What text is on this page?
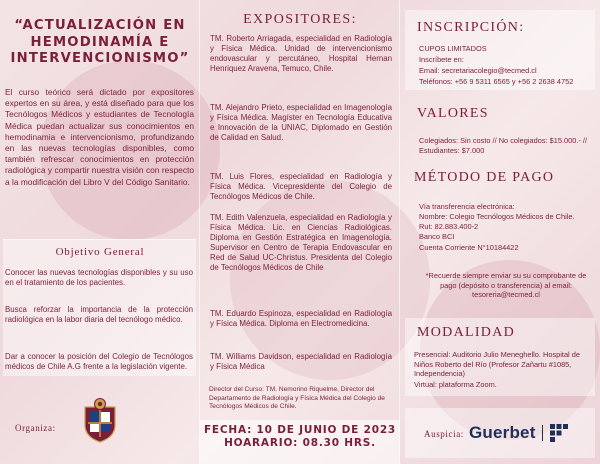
“ACTUALIZACIÓN EN HEMODINAMÍA E INTERVENCIONISMO”
El curso teórico será dictado por expositores expertos en su área, y está diseñado para que los Tecnólogos Médicos y estudiantes de Tecnología Médica puedan actualizar sus conocimientos en hemodinamia e intervencionismo, profundizando en las nuevas tecnologías disponibles, como también refrescar conocimientos en protección radiológica y compartir nuestra visión con respecto a la modificación del Libro V del Código Sanitario.
Objetivo General
Conocer las nuevas tecnologías disponibles y su uso en el tratamiento de los pacientes.
Busca reforzar la importancia de la protección radiológica en la labor diaria del tecnólogo médico.
Dar a conocer la posición del Colegio de Tecnólogos médicos de Chile A.G frente a la legislación vigente.
Organiza:
EXPOSITORES:
TM. Roberto Arriagada, especialidad en Radiología y Física Médica. Unidad de intervencionismo endovascular y percutáneo, Hospital Hernan Henriquez Aravena, Temuco, Chile.
TM. Alejandro Prieto, especialidad en Imagenología y Física Médica. Magíster en Tecnología Educativa e Innovación de la UNIAC, Diplomado en Gestión de Calidad en Salud.
TM. Luis Flores, especialidad en Radiología y Física Médica. Vicepresidente del Colegio de Tecnólogos Médicos de Chile.
TM. Edith Valenzuela, especialidad en Radiología y Física Médica. Lic. en Ciencias Radiológicas. Diploma en Gestión Estratégica en Imagenología. Supervisor en Centro de Terapia Endovascular en Red de Salud UC-Christus. Presidenta del Colegio de Tecnólogos Médicos de Chile
TM. Eduardo Espinoza, especialidad en Radiología y Física Médica. Diploma en Electromedicina.
TM. Williams Davidson, especialidad en Radiología y Física Médica
Director del Curso: TM. Nemorino Riquelme, Director del Departamento de Radiología y Física Médica del Colegio de Tecnólogos Médicos de Chile.
FECHA: 10 DE JUNIO DE 2023
HOARARIO: 08.30 HRS.
INSCRIPCIÓN:
CUPOS LIMITADOS
Inscríbete en:
Email: secretariacolegio@tecmed.cl
Teléfonos: +56 9 5311 6565 y +56 2 2638 4752
VALORES
Colegiados: Sin costo // No colegiados: $15.000.- // Estudiantes: $7.000
MÉTODO DE PAGO
Vía transferencia electrónica:
Nombre: Colegio Tecnólogos Médicos de Chile.
Rut: 82.883.400-2
Banco BCI
Cuenta Corriente N°10184422
*Recuerde siempre enviar su su comprobante de pago (depósito o transferencia) al email: tesoreria@tecmed.cl
MODALIDAD
Presencial: Auditorio Julio Meneghello. Hospital de Niños Roberto del Río (Profesor Zañartu #1085, Independencia)
Virtual: plataforma Zoom.
Auspicia: Guerbet
